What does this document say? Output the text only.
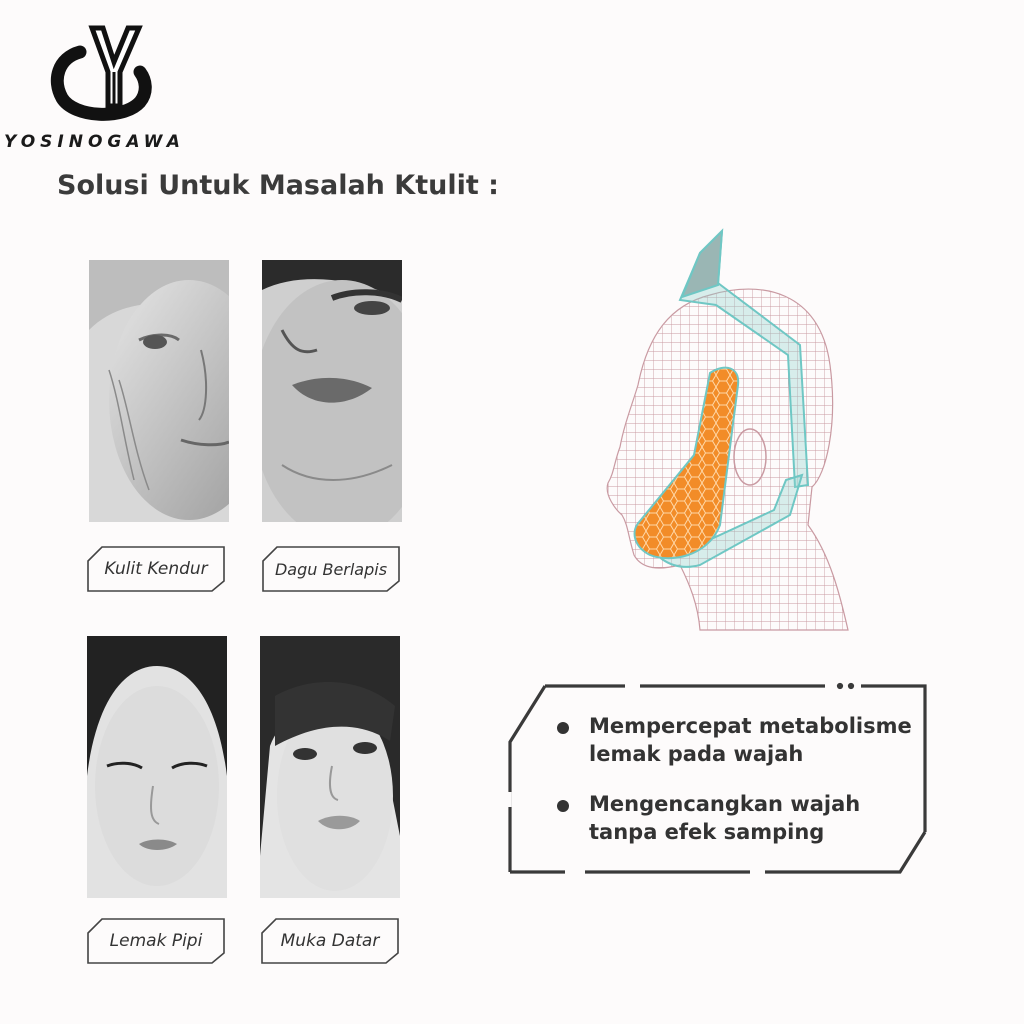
YOSINOGAWA
Solusi Untuk Masalah Ktulit :
Kulit Kendur	Dagu Berlapis
Lemak Pipi	Muka Datar
Mempercepat metabolisme
lemak pada wajah
Mengencangkan wajah
tanpa efek samping
